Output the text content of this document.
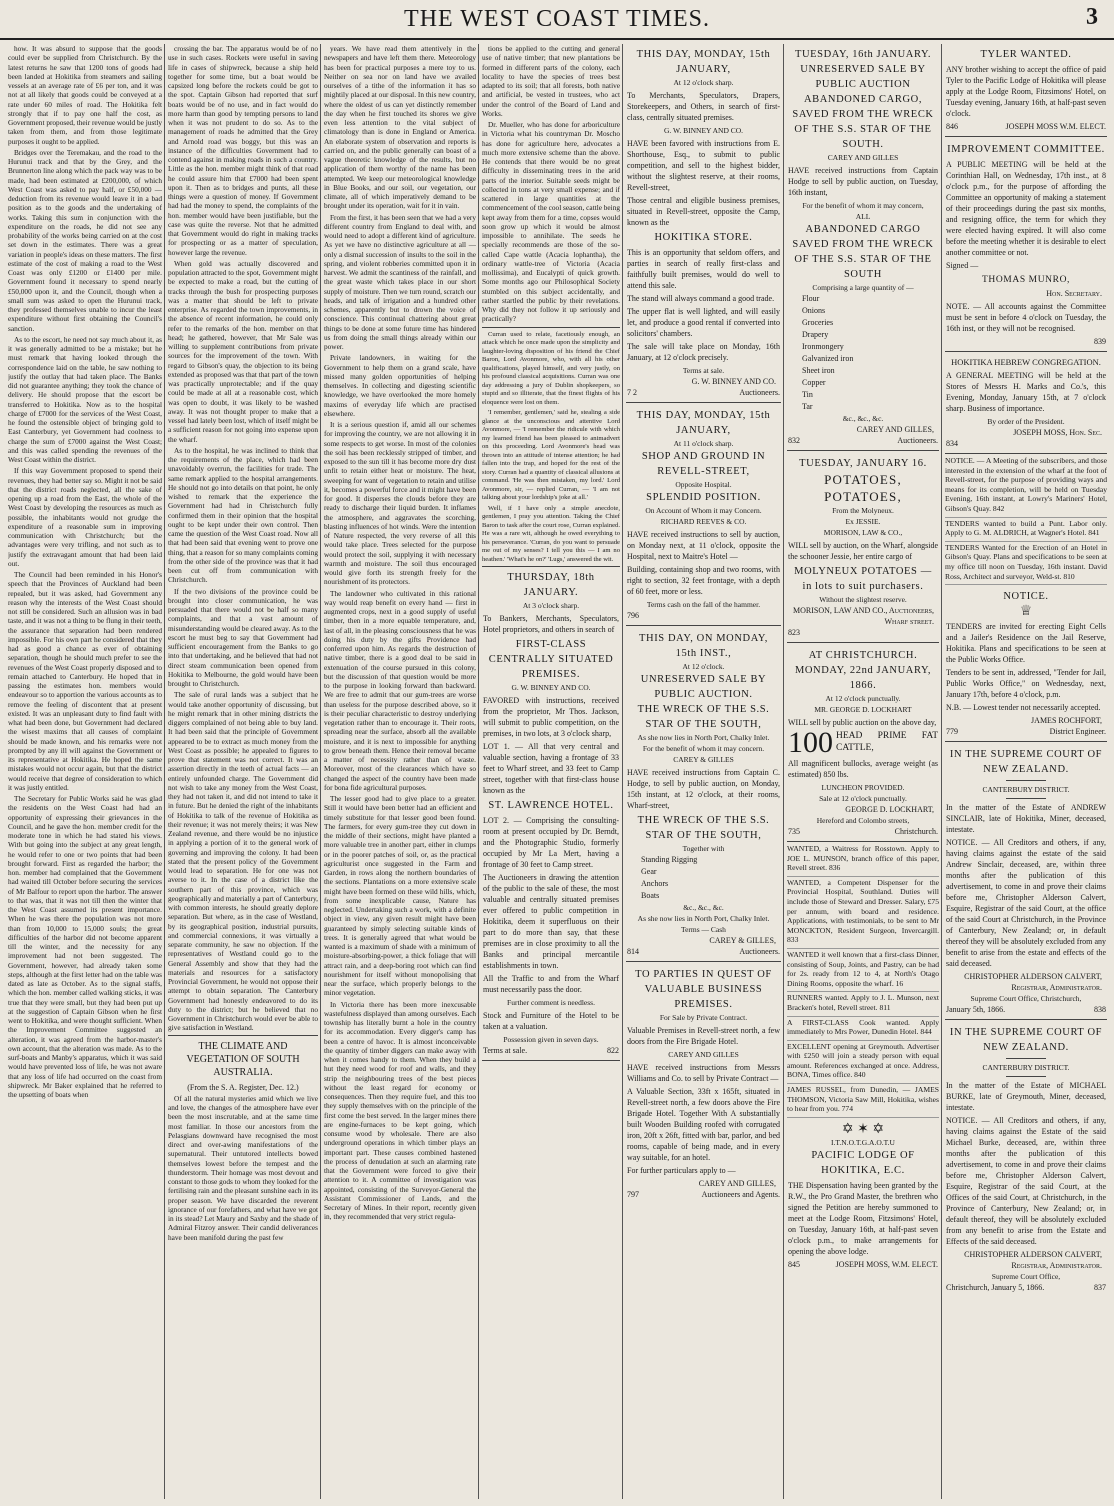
THE WEST COAST TIMES.	3

how. It was absurd to suppose that the goods could ever be supplied from Christchurch. By the latest returns he saw that 1200 tons of goods had been landed at Hokitika from steamers and sailing vessels at an average rate of £6 per ton, and it was not at all likely that goods could be conveyed at a rate under 60 miles of road. The Hokitika felt strongly that if to pay one half the cost, as Government proposed, their revenue would be justly taken from them, and from those legitimate purposes it ought to be applied.

Bridges over the Teremakau, and the road to the Hurunui track and that by the Grey, and the Brunnerton line along which the pack way was to be made, had been estimated at £200,000, of which West Coast was asked to pay half, or £50,000 — deduction from its revenue would leave it in a bad position as to the goods and the undertaking of works. Taking this sum in conjunction with the expenditure on the roads, he did not see any probability of the works being carried on at the cost set down in the estimates. There was a great variation in people's ideas on these matters. The first estimate of the cost of making a road to the West Coast was only £1200 or £1400 per mile. Government found it necessary to spend nearly £50,000 upon it, and the Council, though when a small sum was asked to open the Hurunui track, they professed themselves unable to incur the least expenditure without first obtaining the Council's sanction.

As to the escort, he need not say much about it, as it was generally admitted to be a mistake; but he must remark that having looked through the correspondence laid on the table, he saw nothing to justify the outlay that had taken place. The Banks did not guarantee anything; they took the chance of delivery. He should propose that the escort be transferred to Hokitika. Now as to the hospital charge of £7000 for the services of the West Coast, he found the ostensible object of bringing gold to East Canterbury, yet Government had coolness to charge the sum of £7000 against the West Coast; and this was called spending the revenues of the West Coast within the district.

If this way Government proposed to spend their revenues, they had better say so. Might it not be said that the district roads neglected, all the sake of opening up a road from the East, the whole of the West Coast by developing the resources as much as possible, the inhabitants would not grudge the expenditure of a reasonable sum in improving communication with Christchurch; but the advantages were very trifling, and not such as to justify the extravagant amount that had been laid out.

The Council had been reminded in his Honor's speech that the Provinces of Auckland had been repealed, but it was asked, had Government any reason why the interests of the West Coast should not still be considered. Such an allusion was in bad taste, and it was not a thing to be flung in their teeth, the assurance that separation had been rendered impossible. For his own part he considered that they had as good a chance as ever of obtaining separation, though he should much prefer to see the revenues of the West Coast properly disposed and to remain attached to Canterbury. He hoped that in passing the estimates hon. members would endeavour so to apportion the various accounts as to remove the feeling of discontent that at present existed. It was an unpleasant duty to find fault with what had been done, but Government had declared the wisest maxims that all causes of complaint should be made known, and his remarks were not prompted by any ill will against the Government or its representative at Hokitika. He hoped the same mistakes would not occur again, but that the district would receive that degree of consideration to which it was justly entitled.

The Secretary for Public Works said he was glad the residents on the West Coast had had an opportunity of expressing their grievances in the Council, and he gave the hon. member credit for the moderate tone in which he had stated his views. With but going into the subject at any great length, he would refer to one or two points that had been brought forward. First as regarded the harbor; the hon. member had complained that the Government had waited till October before securing the services of Mr Balfour to report upon the harbor. The answer to that was, that it was not till then the winter that the West Coast assumed its present importance. When he was there the population was not more than from 10,000 to 15,000 souls; the great difficulties of the harbor did not become apparent till the winter, and the necessity for any improvement had not been suggested. The Government, however, had already taken some steps, although at the first letter had on the table was dated as late as October. As to the signal staffs, which the hon. member called walking sticks, it was true that they were small, but they had been put up at the suggestion of Captain Gibson when he first went to Hokitika, and were thought sufficient. When the Improvement Committee suggested an alteration, it was agreed from the harbor-master's own account, that the alteration was made. As to the surf-boats and Manby's apparatus, which it was said would have prevented loss of life, he was not aware that any loss of life had occurred on the coast from shipwreck. Mr Baker explained that he referred to the upsetting of boats when

crossing the bar. The apparatus would be of no use in such cases. Rockets were useful in saving life in cases of shipwreck, because a ship held together for some time, but a boat would be capsized long before the rockets could be got to the spot. Captain Gibson had reported that surf boats would be of no use, and in fact would do more harm than good by tempting persons to land when it was not prudent to do so. As to the management of roads he admitted that the Grey and Arnold road was boggy, but this was an instance of the difficulties Government had to contend against in making roads in such a country. Little as the hon. member might think of that road he could assure him that £7000 had been spent upon it. Then as to bridges and punts, all these things were a question of money. If Government had had the money to spend, the complaints of the hon. member would have been justifiable, but the case was quite the reverse. Not that he admitted that Government would do right in making tracks for prospecting or as a matter of speculation, however large the revenue.

When gold was actually discovered and population attracted to the spot, Government might be expected to make a road, but the cutting of tracks through the bush for prospecting purposes was a matter that should be left to private enterprise. As regarded the town improvements, in the absence of recent information, he could only refer to the remarks of the hon. member on that head; he gathered, however, that Mr Sale was willing to supplement contributions from private sources for the improvement of the town. With regard to Gibson's quay, the objection to its being extended as proposed was that that part of the town was practically unprotectable; and if the quay could be made at all at a reasonable cost, which was open to doubt, it was likely to be washed away. It was not thought proper to make that a vessel had lately been lost, which of itself might be a sufficient reason for not going into expense upon the wharf.

As to the hospital, he was inclined to think that the requirements of the place, which had been unavoidably overrun, the facilities for trade. The same remark applied to the hospital arrangements. He should not go into details on that point, he only wished to remark that the experience the Government had had in Christchurch fully confirmed them in their opinion that the hospital ought to be kept under their own control. Then came the question of the West Coast road. Now all that had been said that evening went to prove one thing, that a reason for so many complaints coming from the other side of the province was that it had been cut off from communication with Christchurch.

If the two divisions of the province could be brought into closer communication, he was persuaded that there would not be half so many complaints, and that a vast amount of misunderstanding would be cleared away. As to the escort he must beg to say that Government had sufficient encouragement from the Banks to go into that undertaking, and he believed that had not direct steam communication been opened from Hokitika to Melbourne, the gold would have been brought to Christchurch.

The sale of rural lands was a subject that he would take another opportunity of discussing, but he might remark that in other mining districts the diggers complained of not being able to buy land. It had been said that the principle of Government appeared to be to extract as much money from the West Coast as possible; he appealed to figures to prove that statement was not correct. It was an assertion directly in the teeth of actual facts — an entirely unfounded charge. The Government did not wish to take any money from the West Coast, they had not taken it, and did not intend to take it in future. But he denied the right of the inhabitants of Hokitika to talk of the revenue of Hokitika as their revenue; it was not merely theirs; it was New Zealand revenue, and there would be no injustice in applying a portion of it to the general work of governing and improving the colony. It had been stated that the present policy of the Government would lead to separation. He for one was not averse to it. In the case of a district like the southern part of this province, which was geographically and materially a part of Canterbury, with common interests, he should greatly deplore separation. But where, as in the case of Westland, by its geographical position, industrial pursuits, and commercial connexions, it was virtually a separate community, he saw no objection. If the representatives of Westland could go to the General Assembly and show that they had the materials and resources for a satisfactory Provincial Government, he would not oppose their attempt to obtain separation. The Canterbury Government had honestly endeavored to do its duty to the district; but he believed that no Government in Christchurch would ever be able to give satisfaction in Westland.

THE CLIMATE AND VEGETATION OF SOUTH AUSTRALIA.
(From the S. A. Register, Dec. 12.)

Of all the natural mysteries amid which we live and love, the changes of the atmosphere have ever been the most inscrutable, and at the same time most familiar. In those our ancestors from the Pelasgians downward have recognised the most direct and over-awing manifestations of the supernatural. Their untutored intellects bowed themselves lowest before the tempest and the thunderstorm. Their homage was most devout and constant to those gods to whom they looked for the fertilising rain and the pleasant sunshine each in its proper season. We have discarded the reverent ignorance of our forefathers, and what have we got in its stead? Let Maury and Saxby and the shade of Admiral Fitzroy answer. Their candid deliverances have been manifold during the past few

years. We have read them attentively in the newspapers and have left them there. Meteorology has been for practical purposes a mere toy to us. Neither on sea nor on land have we availed ourselves of a tithe of the information it has so mightily placed at our disposal. In this new country, where the oldest of us can yet distinctly remember the day when he first touched its shores we give even less attention to the vital subject of climatology than is done in England or America. An elaborate system of observation and reports is carried on, and the public generally can boast of a vague theoretic knowledge of the results, but no application of them worthy of the name has been attempted. We keep our meteorological knowledge in Blue Books, and our soil, our vegetation, our climate, all of which imperatively demand to be brought under its operation, wait for it in vain.

From the first, it has been seen that we had a very different country from England to deal with, and would need to adopt a different kind of agriculture. As yet we have no distinctive agriculture at all — only a dismal succession of insults to the soil in the spring, and violent robberies committed upon it in harvest. We admit the scantiness of the rainfall, and the great waste which takes place in our short supply of moisture. Then we turn round, scratch our heads, and talk of irrigation and a hundred other schemes, apparently but to drown the voice of conscience. This continual chattering about great things to be done at some future time has hindered us from doing the small things already within our power.

Private landowners, in waiting for the Government to help them on a grand scale, have missed many golden opportunities of helping themselves. In collecting and digesting scientific knowledge, we have overlooked the more homely maxims of everyday life which are practised elsewhere.

It is a serious question if, amid all our schemes for improving the country, we are not allowing it in some respects to get worse. In most of the colonies the soil has been recklessly stripped of timber, and exposed to the sun till it has become more dry dust unfit to retain either heat or moisture. The heat, sweeping for want of vegetation to retain and utilise it, becomes a powerful force and it might have been for good. It disperses the clouds before they are ready to discharge their liquid burden. It inflames the atmosphere, and aggravates the scorching, blasting influences of hot winds. Were the intention of Nature respected, the very reverse of all this would take place. Trees selected for the purpose would protect the soil, supplying it with necessary warmth and moisture. The soil thus encouraged would give forth its strength freely for the nourishment of its protectors.

The landowner who cultivated in this rational way would reap benefit on every hand — first in augmented crops, next in a good supply of useful timber, then in a more equable temperature, and, last of all, in the pleasing consciousness that he was doing his duty by the gifts Providence had conferred upon him. As regards the destruction of native timber, there is a good deal to be said in extenuation of the course pursued in this colony, but the discussion of that question would be more to the purpose in looking forward than backward. We are free to admit that our gum-trees are worse than useless for the purpose described above, so it is their peculiar characteristic to destroy underlying vegetation rather than to encourage it. Their roots, spreading near the surface, absorb all the available moisture, and it is next to impossible for anything to grow beneath them. Hence their removal became a matter of necessity rather than of waste. Moreover, most of the clearances which have so changed the aspect of the country have been made for bona fide agricultural purposes.

The lesser good had to give place to a greater. Still it would have been better had an efficient and timely substitute for that lesser good been found. The farmers, for every gum-tree they cut down in the middle of their sections, might have planted a more valuable tree in another part, either in clumps or in the poorer patches of soil, or, as the practical agriculturist once suggested in the Farm and Garden, in rows along the northern boundaries of the sections. Plantations on a more extensive scale might have been formed on these wild hills, which, from some inexplicable cause, Nature has neglected. Undertaking such a work, with a definite object in view, any given result might have been guaranteed by simply selecting suitable kinds of trees. It is generally agreed that what would be wanted is a maximum of shade with a minimum of moisture-absorbing-power, a thick foliage that will attract rain, and a deep-boring root which can find nourishment for itself without monopolising that near the surface, which properly belongs to the minor vegetation.

In Victoria there has been more inexcusable wastefulness displayed than among ourselves. Each township has literally burnt a hole in the country for its accommodation. Every digger's camp has been a centre of havoc. It is almost inconceivable the quantity of timber diggers can make away with when it comes handy to them. When they build a hut they need wood for roof and walls, and they strip the neighbouring trees of the best pieces without the least regard for economy or consequences. Then they require fuel, and this too they supply themselves with on the principle of the first come the best served. In the larger mines there are engine-furnaces to be kept going, which consume wood by wholesale. There are also underground operations in which timber plays an important part. These causes combined hastened the process of denudation at such an alarming rate that the Government were forced to give their attention to it. A committee of investigation was appointed, consisting of the Surveyor-General the Assistant Commissioner of Lands, and the Secretary of Mines. In their report, recently given in, they recommended that very strict regula-

tions be applied to the cutting and general use of native timber; that new plantations be formed in different parts of the colony, each locality to have the species of trees best adapted to its soil; that all forests, both native and artificial, be vested in trustees, who act under the control of the Board of Land and Works.

Dr. Mueller, who has done for arboriculture in Victoria what his countryman Dr. Moscho has done for agriculture here, advocates a much more extensive scheme than the above. He contends that there would be no great difficulty in disseminating trees in the arid parts of the interior. Suitable seeds might be collected in tons at very small expense; and if scattered in large quantities at the commencement of the cool season, cattle being kept away from them for a time, copses would soon grow up which it would be almost impossible to annihilate. The seeds he specially recommends are those of the so-called Cape wattle (Acacia lophantha), the ordinary wattle-tree of Victoria (Acacia mollissima), and Eucalypti of quick growth. Some months ago our Philosophical Society stumbled on this subject accidentally, and rather startled the public by their revelations. Why did they not follow it up seriously and practically?

Curran used to relate, facetiously enough, an attack which he once made upon the simplicity and laughter-loving disposition of his friend the Chief Baron, Lord Avonmore, who, with all his other qualifications, played himself, and very justly, on his profound classical acquisitions. Curran was one day addressing a jury of Dublin shopkeepers, so stupid and so illiterate, that the finest flights of his eloquence were lost on them.

'I remember, gentlemen,' said he, stealing a side glance at the unconscious and attentive Lord Avonmore, — 'I remember the ridicule with which my learned friend has been pleased to animadvert on this proceeding. Lord Avonmore's head was thrown into an attitude of intense attention; he had fallen into the trap, and hoped for the rest of the story. Curran had a quantity of classical allusions at command. 'He was then mistaken, my lord.' Lord Avonmore, sir, — replied Curran, — 'I am not talking about your lordship's joke at all.'

Well, if I have only a simple anecdote, gentlemen, I pray you attention. Taking the Chief Baron to task after the court rose, Curran explained. He was a rare wit, although he owed everything to his perseverance. 'Curran, do you want to persuade me out of my senses? I tell you this — I am no heathen.' 'What's he on?' 'Lugs,' answered the wit.

THURSDAY, 18th JANUARY.
At 3 o'clock sharp.
To Bankers, Merchants, Speculators, Hotel proprietors, and others in search of
FIRST-CLASS CENTRALLY SITUATED PREMISES.
G. W. BINNEY AND CO.
FAVORED with instructions, received from the proprietor, Mr Thos. Jackson, will submit to public competition, on the premises, in two lots, at 3 o'clock sharp,
LOT 1. — All that very central and valuable section, having a frontage of 33 feet to Wharf street, and 33 feet to Camp street, together with that first-class house known as the
ST. LAWRENCE HOTEL.
LOT 2. — Comprising the consulting-room at present occupied by Dr. Berndt, and the Photographic Studio, formerly occupied by Mr La Mert, having a frontage of 30 feet to Camp street.
The Auctioneers in drawing the attention of the public to the sale of these, the most valuable and centrally situated premises ever offered to public competition in Hokitika, deem it superfluous on their part to do more than say, that these premises are in close proximity to all the Banks and principal mercantile establishments in town.
All the Traffic to and from the Wharf must necessarily pass the door.
Further comment is needless.
Stock and Furniture of the Hotel to be taken at a valuation.
Possession given in seven days.
Terms at sale.	822
THIS DAY, MONDAY, 15th JANUARY,
At 12 o'clock sharp.
To Merchants, Speculators, Drapers, Storekeepers, and Others, in search of first-class, centrally situated premises.
G. W. BINNEY AND CO.
HAVE been favored with instructions from E. Shorthouse, Esq., to submit to public competition, and sell to the highest bidder, without the slightest reserve, at their rooms, Revell-street,
Those central and eligible business premises, situated in Revell-street, opposite the Camp, known as the
HOKITIKA STORE.
This is an opportunity that seldom offers, and parties in search of really first-class and faithfully built premises, would do well to attend this sale.
The stand will always command a good trade.
The upper flat is well lighted, and will easily let, and produce a good rental if converted into solicitors' chambers.
The sale will take place on Monday, 16th January, at 12 o'clock precisely.
Terms at sale.
G. W. BINNEY AND CO.
7 2	Auctioneers.
THIS DAY, MONDAY, 15th JANUARY,
At 11 o'clock sharp.
SHOP AND GROUND IN REVELL-STREET,
Opposite Hospital.
SPLENDID POSITION.
On Account of Whom it may Concern.
RICHARD REEVES & CO.
HAVE received instructions to sell by auction, on Monday next, at 11 o'clock, opposite the Hospital, next to Maitre's Hotel —
Building, containing shop and two rooms, with right to section, 32 feet frontage, with a depth of 60 feet, more or less.
Terms cash on the fall of the hammer.
796
THIS DAY, ON MONDAY, 15th INST.,
At 12 o'clock.
UNRESERVED SALE BY PUBLIC AUCTION.
THE WRECK OF THE S.S. STAR OF THE SOUTH,
As she now lies in North Port, Chalky Inlet.
For the benefit of whom it may concern.
CAREY & GILLES
HAVE received instructions from Captain C. Hodge, to sell by public auction, on Monday, 15th instant, at 12 o'clock, at their rooms, Wharf-street,
THE WRECK OF THE S.S. STAR OF THE SOUTH,
Together with
Standing Rigging
Gear
Anchors
Boats
&c., &c., &c.
As she now lies in North Port, Chalky Inlet.
Terms — Cash
CAREY & GILLES,
814	Auctioneers.
TO PARTIES IN QUEST OF VALUABLE BUSINESS PREMISES.
For Sale by Private Contract.
Valuable Premises in Revell-street north, a few doors from the Fire Brigade Hotel.
CAREY AND GILLES
HAVE received instructions from Messrs Williams and Co. to sell by Private Contract —
A Valuable Section, 33ft x 165ft, situated in Revell-street north, a few doors above the Fire Brigade Hotel. Together With A substantially built Wooden Building roofed with corrugated iron, 20ft x 26ft, fitted with bar, parlor, and bed rooms, capable of being made, and in every way suitable, for an hotel.
For further particulars apply to —
CAREY AND GILLES,
797	Auctioneers and Agents.
TUESDAY, 16th JANUARY.
UNRESERVED SALE BY PUBLIC AUCTION
ABANDONED CARGO, SAVED FROM THE WRECK OF THE S.S. STAR OF THE SOUTH.
CAREY AND GILLES
HAVE received instructions from Captain Hodge to sell by public auction, on Tuesday, 16th instant,
For the benefit of whom it may concern,
ALL
ABANDONED CARGO SAVED FROM THE WRECK OF THE S.S. STAR OF THE SOUTH
Comprising a large quantity of —
Flour
Onions
Groceries
Drapery
Ironmongery
Galvanized iron
Sheet iron
Copper
Tin
Tar
&c., &c., &c.
CAREY AND GILLES,
832	Auctioneers.
TUESDAY, JANUARY 16.
POTATOES, POTATOES,
From the Molyneux.
Ex JESSIE.
MORISON, LAW & CO.,
WILL sell by auction, on the Wharf, alongside the schooner Jessie, her entire cargo of
MOLYNEUX POTATOES — in lots to suit purchasers.
Without the slightest reserve.
MORISON, LAW AND CO., Auctioneers, Wharf street.
823
AT CHRISTCHURCH.
MONDAY, 22nd JANUARY, 1866.
At 12 o'clock punctually.
MR. GEORGE D. LOCKHART
WILL sell by public auction on the above day,
100 HEAD PRIME FAT CATTLE,
All magnificent bullocks, average weight (as estimated) 850 lbs.
LUNCHEON PROVIDED.
Sale at 12 o'clock punctually.
GEORGE D. LOCKHART,
Hereford and Colombo streets,
735	Christchurch.

WANTED, a Waitress for Rosstown. Apply to JOE L. MUNSON, branch office of this paper, Revell street. 836

WANTED, a Competent Dispenser for the Provincial Hospital, Southland. Duties will include those of Steward and Dresser. Salary, £75 per annum, with board and residence. Applications, with testimonials, to be sent to Mr MONCKTON, Resident Surgeon, Invercargill. 833

WANTED it well known that a first-class Dinner, consisting of Soup, Joints, and Pastry, can be had for 2s. ready from 12 to 4, at North's Otago Dining Rooms, opposite the wharf. 16

RUNNERS wanted. Apply to J. L. Munson, next Bracken's hotel, Revell street. 811

A FIRST-CLASS Cook wanted. Apply immediately to Mrs Power, Dunedin Hotel. 844

EXCELLENT opening at Greymouth. Advertiser with £250 will join a steady person with equal amount. References exchanged at once. Address, BONA, Times office. 840

JAMES RUSSEL, from Dunedin, — JAMES THOMSON, Victoria Saw Mill, Hokitika, wishes to hear from you. 774

✡ ✶ ✡
I.T.N.O.T.G.A.O.T.U
PACIFIC LODGE OF HOKITIKA, E.C.
THE Dispensation having been granted by the R.W., the Pro Grand Master, the brethren who signed the Petition are hereby summoned to meet at the Lodge Room, Fitzsimons' Hotel, on Tuesday, January 16th, at half-past seven o'clock p.m., to make arrangements for opening the above lodge.
845	JOSEPH MOSS, W.M. ELECT.
TYLER WANTED.
ANY brother wishing to accept the office of paid Tyler to the Pacific Lodge of Hokitika will please apply at the Lodge Room, Fitzsimons' Hotel, on Tuesday evening, January 16th, at half-past seven o'clock.
846	JOSEPH MOSS W.M. ELECT.
IMPROVEMENT COMMITTEE.
A PUBLIC MEETING will be held at the Corinthian Hall, on Wednesday, 17th inst., at 8 o'clock p.m., for the purpose of affording the Committee an opportunity of making a statement of their proceedings during the past six months, and resigning office, the term for which they were elected having expired. It will also come before the meeting whether it is desirable to elect another committee or not.
Signed —
THOMAS MUNRO,
Hon. Secretary.
NOTE. — All accounts against the Committee must be sent in before 4 o'clock on Tuesday, the 16th inst, or they will not be recognised.
839
HOKITIKA HEBREW CONGREGATION.
A GENERAL MEETING will be held at the Stores of Messrs H. Marks and Co.'s, this Evening, Monday, January 15th, at 7 o'clock sharp. Business of importance.
By order of the President.
JOSEPH MOSS, Hon. Sec.
834

NOTICE. — A Meeting of the subscribers, and those interested in the extension of the wharf at the foot of Revell-street, for the purpose of providing ways and means for its completion, will be held on Tuesday Evening, 16th instant, at Lowry's Mariners' Hotel, Gibson's Quay. 842

TENDERS wanted to build a Punt. Labor only. Apply to G. M. ALDRICH, at Wagner's Hotel. 841

TENDERS Wanted for the Erection of an Hotel in Gibson's Quay. Plans and specifications to be seen at my office till noon on Tuesday, 16th instant. David Ross, Architect and surveyor, Weld-st. 810

NOTICE.
♕
TENDERS are invited for erecting Eight Cells and a Jailer's Residence on the Jail Reserve, Hokitika. Plans and specifications to be seen at the Public Works Office.
Tenders to be sent in, addressed, "Tender for Jail, Public Works Office," on Wednesday, next, January 17th, before 4 o'clock, p.m.
N.B. — Lowest tender not necessarily accepted.
JAMES ROCHFORT,
779	District Engineer.
IN THE SUPREME COURT OF NEW ZEALAND.
CANTERBURY DISTRICT.
In the matter of the Estate of ANDREW SINCLAIR, late of Hokitika, Miner, deceased, intestate.
NOTICE. — All Creditors and others, if any, having claims against the estate of the said Andrew Sinclair, deceased, are, within three months after the publication of this advertisement, to come in and prove their claims before me, Christopher Alderson Calvert, Esquire, Registrar of the said Court, at the office of the said Court at Christchurch, in the Province of Canterbury, New Zealand; or, in default thereof they will be absolutely excluded from any benefit to arise from the estate and effects of the said deceased.
CHRISTOPHER ALDERSON CALVERT,
Registrar, Administrator.
Supreme Court Office, Christchurch,
January 5th, 1866.	838
IN THE SUPREME COURT OF NEW ZEALAND.
CANTERBURY DISTRICT.
In the matter of the Estate of MICHAEL BURKE, late of Greymouth, Miner, deceased, intestate.
NOTICE. — All Creditors and others, if any, having claims against the Estate of the said Michael Burke, deceased, are, within three months after the publication of this advertisement, to come in and prove their claims before me, Christopher Alderson Calvert, Esquire, Registrar of the said Court, at the Offices of the said Court, at Christchurch, in the Province of Canterbury, New Zealand; or, in default thereof, they will be absolutely excluded from any benefit to arise from the Estate and Effects of the said deceased.
CHRISTOPHER ALDERSON CALVERT,
Registrar, Administrator.
Supreme Court Office,
Christchurch, January 5, 1866.	837
